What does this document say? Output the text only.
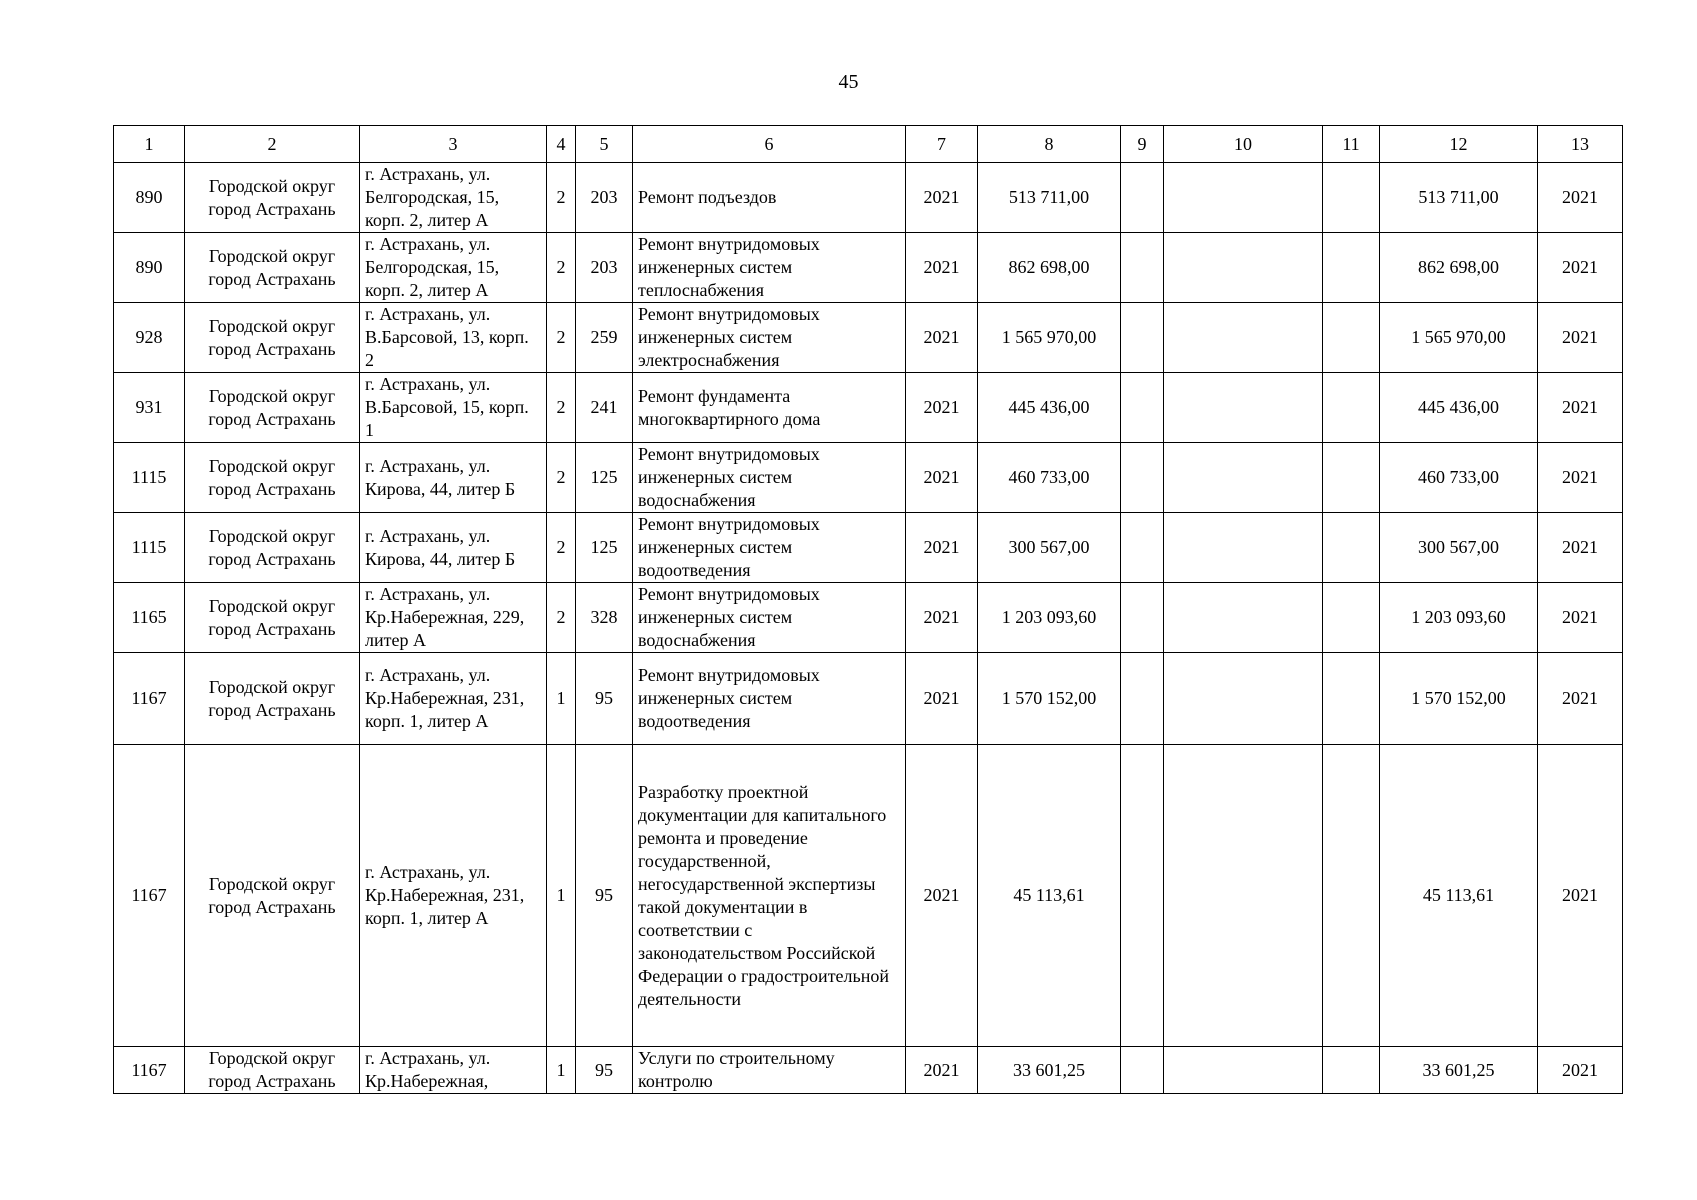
45
1	2	3	4	5	6	7	8	9	10	11	12	13
890	Городской округ город Астрахань	г. Астрахань, ул. Белгородская, 15, корп. 2, литер А	2	203	Ремонт подъездов	2021	513 711,00				513 711,00	2021
890	Городской округ город Астрахань	г. Астрахань, ул. Белгородская, 15, корп. 2, литер А	2	203	Ремонт внутридомовых инженерных систем теплоснабжения	2021	862 698,00				862 698,00	2021
928	Городской округ город Астрахань	г. Астрахань, ул. В.Барсовой, 13, корп. 2	2	259	Ремонт внутридомовых инженерных систем электроснабжения	2021	1 565 970,00				1 565 970,00	2021
931	Городской округ город Астрахань	г. Астрахань, ул. В.Барсовой, 15, корп. 1	2	241	Ремонт фундамента многоквартирного дома	2021	445 436,00				445 436,00	2021
1115	Городской округ город Астрахань	г. Астрахань, ул. Кирова, 44, литер Б	2	125	Ремонт внутридомовых инженерных систем водоснабжения	2021	460 733,00				460 733,00	2021
1115	Городской округ город Астрахань	г. Астрахань, ул. Кирова, 44, литер Б	2	125	Ремонт внутридомовых инженерных систем водоотведения	2021	300 567,00				300 567,00	2021
1165	Городской округ город Астрахань	г. Астрахань, ул. Кр.Набережная, 229, литер А	2	328	Ремонт внутридомовых инженерных систем водоснабжения	2021	1 203 093,60				1 203 093,60	2021
1167	Городской округ город Астрахань	г. Астрахань, ул. Кр.Набережная, 231, корп. 1, литер А	1	95	Ремонт внутридомовых инженерных систем водоотведения	2021	1 570 152,00				1 570 152,00	2021
1167	Городской округ город Астрахань	г. Астрахань, ул. Кр.Набережная, 231, корп. 1, литер А	1	95	Разработку проектной документации для капитального ремонта и проведение государственной, негосударственной экспертизы такой документации в соответствии с законодательством Российской Федерации о градостроительной деятельности	2021	45 113,61				45 113,61	2021
1167	Городской округ город Астрахань	г. Астрахань, ул. Кр.Набережная,	1	95	Услуги по строительному контролю	2021	33 601,25				33 601,25	2021
